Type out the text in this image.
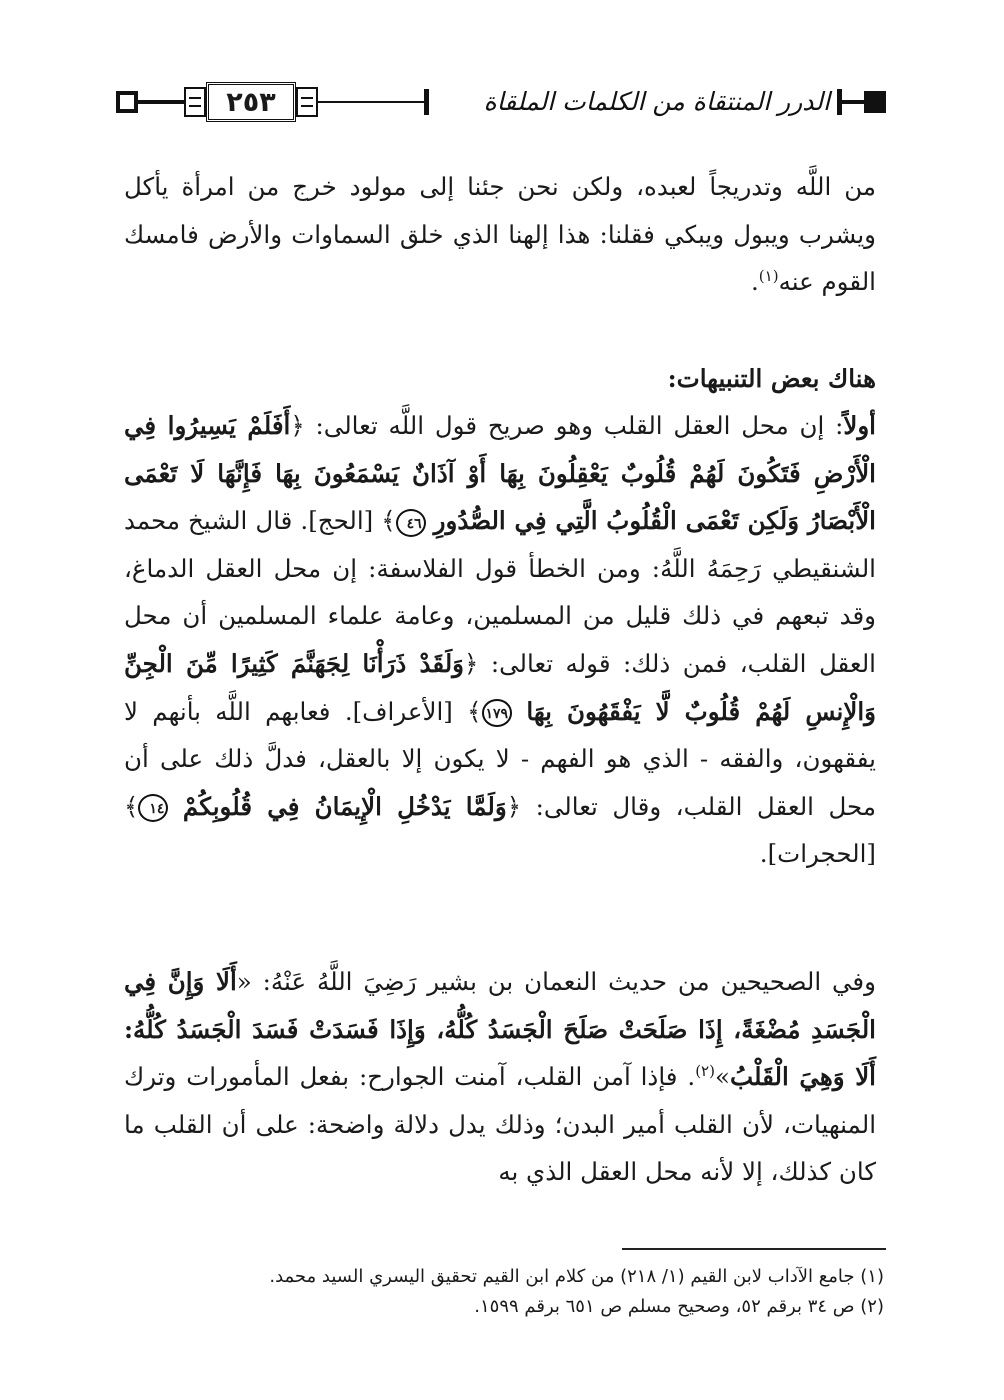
٢٥٣	الدرر المنتقاة من الكلمات الملقاة
من اللَّه وتدريجاً لعبده، ولكن نحن جئنا إلى مولود خرج من امرأة يأكل ويشرب ويبول ويبكي فقلنا: هذا إلهنا الذي خلق السماوات والأرض فامسك القوم عنه$^{(١)}$.
هناك بعض التنبيهات:
أولاً: إن محل العقل القلب وهو صريح قول اللَّه تعالى: ﴿أَفَلَمْ يَسِيرُوا فِي الْأَرْضِ فَتَكُونَ لَهُمْ قُلُوبٌ يَعْقِلُونَ بِهَا أَوْ آذَانٌ يَسْمَعُونَ بِهَا فَإِنَّهَا لَا تَعْمَى الْأَبْصَارُ وَلَكِن تَعْمَى الْقُلُوبُ الَّتِي فِي الصُّدُورِ ٤٦﴾ [الحج]. قال الشيخ محمد الشنقيطي رَحِمَهُ اللَّهُ: ومن الخطأ قول الفلاسفة: إن محل العقل الدماغ، وقد تبعهم في ذلك قليل من المسلمين، وعامة علماء المسلمين أن محل العقل القلب، فمن ذلك: قوله تعالى: ﴿وَلَقَدْ ذَرَأْنَا لِجَهَنَّمَ كَثِيرًا مِّنَ الْجِنِّ وَالْإِنسِ لَهُمْ قُلُوبٌ لَّا يَفْقَهُونَ بِهَا ١٧٩﴾ [الأعراف]. فعابهم اللَّه بأنهم لا يفقهون، والفقه - الذي هو الفهم - لا يكون إلا بالعقل، فدلَّ ذلك على أن محل العقل القلب، وقال تعالى: ﴿وَلَمَّا يَدْخُلِ الْإِيمَانُ فِي قُلُوبِكُمْ ١٤﴾ [الحجرات].
وفي الصحيحين من حديث النعمان بن بشير رَضِيَ اللَّهُ عَنْهُ: «أَلَا وَإِنَّ فِي الْجَسَدِ مُضْغَةً، إِذَا صَلَحَتْ صَلَحَ الْجَسَدُ كُلُّهُ، وَإِذَا فَسَدَتْ فَسَدَ الْجَسَدُ كُلُّهُ: أَلَا وَهِيَ الْقَلْبُ»$^{(٢)}$. فإذا آمن القلب، آمنت الجوارح: بفعل المأمورات وترك المنهيات، لأن القلب أمير البدن؛ وذلك يدل دلالة واضحة: على أن القلب ما كان كذلك، إلا لأنه محل العقل الذي به
(١) جامع الآداب لابن القيم (١/ ٢١٨) من كلام ابن القيم تحقيق اليسري السيد محمد.
(٢) ص ٣٤ برقم ٥٢، وصحيح مسلم ص ٦٥١ برقم ١٥٩٩.
